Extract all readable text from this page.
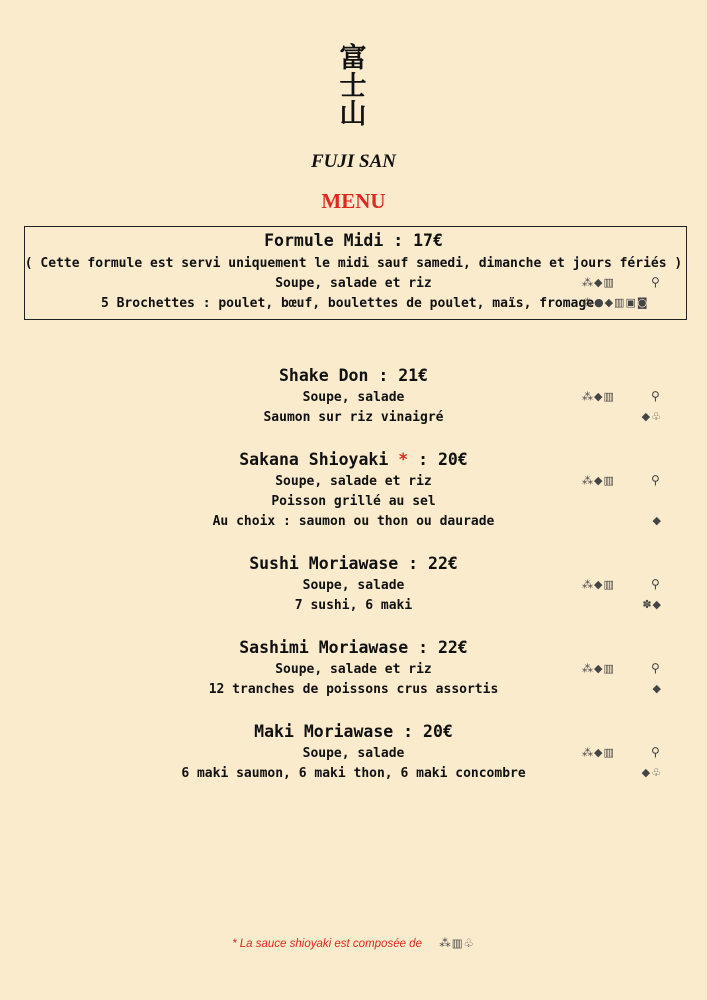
富
士
山
FUJI SAN
MENU
Formule Midi : 17€
( Cette formule est servi uniquement le midi sauf samedi, dimanche et jours fériés )
Soupe, salade et riz	⁂◆▥	⚲
5 Brochettes : poulet, bœuf, boulettes de poulet, maïs, fromage
⁂●◆▥▣◙
Shake Don : 21€
Soupe, salade	⁂◆▥	⚲
Saumon sur riz vinaigré	◆♧
Sakana Shioyaki * : 20€
Soupe, salade et riz	⁂◆▥	⚲
Poisson grillé au sel
Au choix : saumon ou thon ou daurade	◆
Sushi Moriawase : 22€
Soupe, salade	⁂◆▥	⚲
7 sushi, 6 maki	✽◆
Sashimi Moriawase : 22€
Soupe, salade et riz	⁂◆▥	⚲
12 tranches de poissons crus assortis	◆
Maki Moriawase : 20€
Soupe, salade	⁂◆▥	⚲
6 maki saumon, 6 maki thon, 6 maki concombre	◆♧
* La sauce shioyaki est composée de ⁂▥♧
